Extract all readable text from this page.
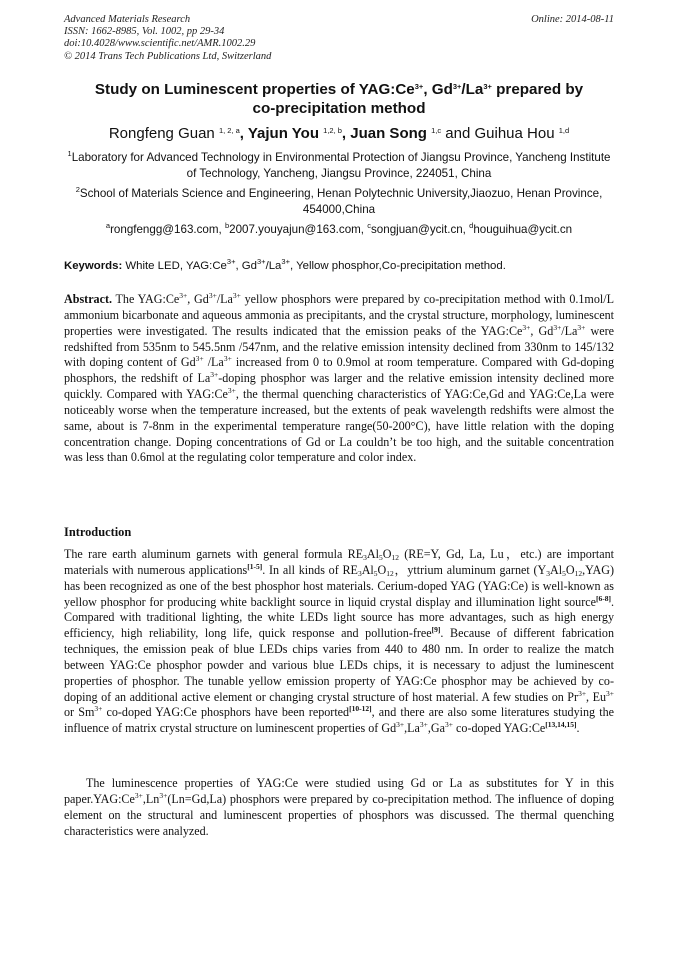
Advanced Materials Research
ISSN: 1662-8985, Vol. 1002, pp 29-34
doi:10.4028/www.scientific.net/AMR.1002.29
© 2014 Trans Tech Publications Ltd, Switzerland
Online: 2014-08-11
Study on Luminescent properties of $YAG:Ce^{3+}$, $Gd^{3+}/La^{3+}$ prepared by
co-precipitation method
Rongfeng Guan $^{1, 2, a}$, Yajun You $^{1,2, b}$, Juan Song $^{1,c}$ and Guihua Hou $^{1,d}$
$^1$Laboratory for Advanced Technology in Environmental Protection of Jiangsu Province, Yancheng Institute of Technology, Yancheng, Jiangsu Province, 224051, China
$^2$School of Materials Science and Engineering, Henan Polytechnic University,Jiaozuo, Henan Province, 454000,China
$^a$rongfengg@163.com, $^b$2007.youyajun@163.com, $^c$songjuan@ycit.cn, $^d$houguihua@ycit.cn
Keywords: White LED, $YAG:Ce^{3+}$, $Gd^{3+}/La^{3+}$, Yellow phosphor,Co-precipitation method.
Abstract. The $YAG:Ce^{3+}$, $Gd^{3+}/La^{3+}$ yellow phosphors were prepared by co-precipitation method with 0.1mol/L ammonium bicarbonate and aqueous ammonia as precipitants, and the crystal structure, morphology, luminescent properties were investigated. The results indicated that the emission peaks of the $YAG:Ce^{3+}$, $Gd^{3+}/La^{3+}$ were redshifted from 535nm to 545.5nm /547nm, and the relative emission intensity declined from 330nm to 145/132 with doping content of $Gd^{3+}$ $/La^{3+}$ increased from 0 to 0.9mol at room temperature. Compared with Gd-doping phosphors, the redshift of $La^{3+}$-doping phosphor was larger and the relative emission intensity declined more quickly. Compared with $YAG:Ce^{3+}$, the thermal quenching characteristics of YAG:Ce,Gd and YAG:Ce,La were noticeably worse when the temperature increased, but the extents of peak wavelength redshifts were almost the same, about is 7-8nm in the experimental temperature range(50-200°C), have little relation with the doping concentration change. Doping concentrations of Gd or La couldn’t be too high, and the suitable concentration was less than 0.6mol at the regulating color temperature and color index.
Introduction
The rare earth aluminum garnets with general formula $RE_3Al_5O_{12}$ (RE=Y, Gd, La, Lu，etc.) are important materials with numerous applications[1-5]. In all kinds of $RE_3Al_5O_{12}$，yttrium aluminum garnet $(Y_3Al_5O_{12},YAG)$ has been recognized as one of the best phosphor host materials. Cerium-doped YAG (YAG:Ce) is well-known as yellow phosphor for producing white backlight source in liquid crystal display and illumination light source[6-8]. Compared with traditional lighting, the white LEDs light source has more advantages, such as high energy efficiency, high reliability, long life, quick response and pollution-free[9]. Because of different fabrication techniques, the emission peak of blue LEDs chips varies from 440 to 480 nm. In order to realize the match between YAG:Ce phosphor powder and various blue LEDs chips, it is necessary to adjust the luminescent properties of phosphor. The tunable yellow emission property of YAG:Ce phosphor may be achieved by co-doping of an additional active element or changing crystal structure of host material. A few studies on $Pr^{3+}$, $Eu^{3+}$ or $Sm^{3+}$ co-doped YAG:Ce phosphors have been reported[10-12], and there are also some literatures studying the influence of matrix crystal structure on luminescent properties of $Gd^{3+},La^{3+},Ga^{3+}$ co-doped YAG:Ce[13,14,15].
The luminescence properties of YAG:Ce were studied using Gd or La as substitutes for Y in this $paper.YAG:Ce^{3+},Ln^{3+}(Ln=Gd,La)$ phosphors were prepared by co-precipitation method. The influence of doping element on the structural and luminescent properties of phosphors was discussed. The thermal quenching characteristics were analyzed.
